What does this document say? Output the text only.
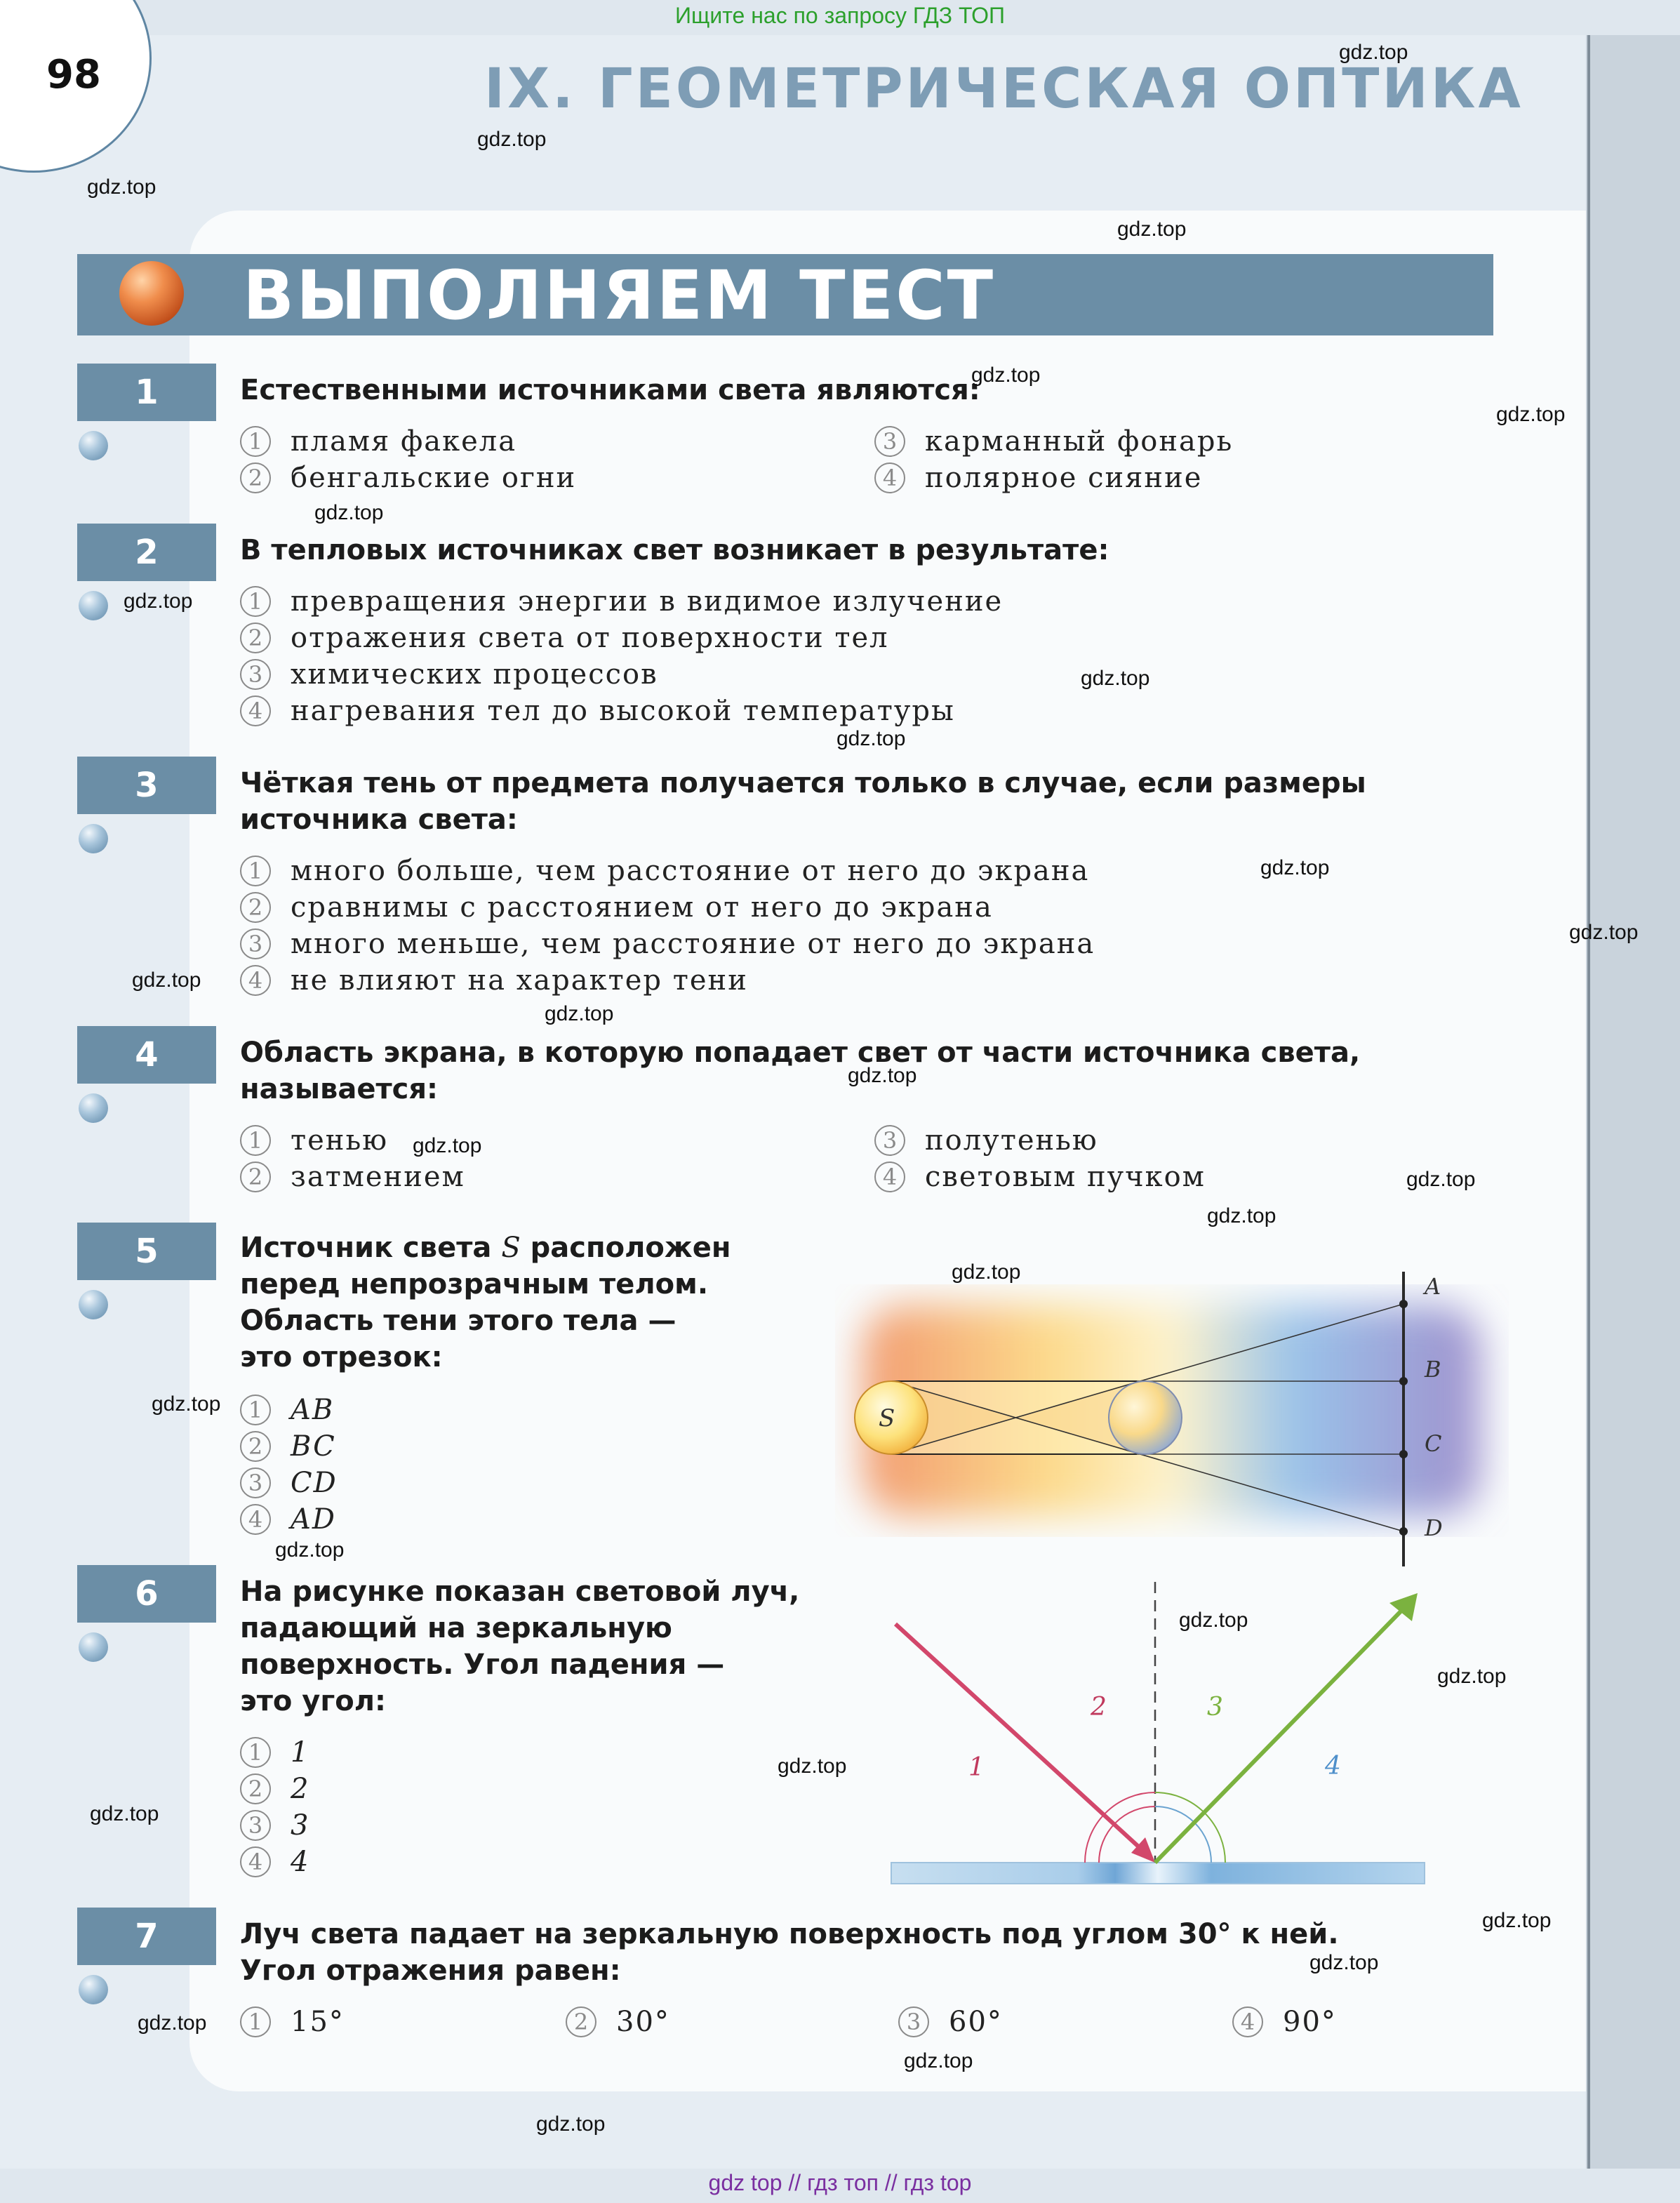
Ищите нас по запросу ГДЗ ТОП
98	IX. ГЕОМЕТРИЧЕСКАЯ ОПТИКА
ВЫПОЛНЯЕМ ТЕСТ
1	Естественными источниками света являются:
1 пламя факела
2 бенгальские огни
3 карманный фонарь
4 полярное сияние
2	В тепловых источниках свет возникает в результате:
1 превращения энергии в видимое излучение
2 отражения света от поверхности тел
3 химических процессов
4 нагревания тел до высокой температуры
3	Чёткая тень от предмета получается только в случае, если размеры
источника света:
1 много больше, чем расстояние от него до экрана
2 сравнимы с расстоянием от него до экрана
3 много меньше, чем расстояние от него до экрана
4 не влияют на характер тени
4	Область экрана, в которую попадает свет от части источника света,
называется:
1 тенью
2 затмением
3 полутенью
4 световым пучком
5	Источник света S расположен
перед непрозрачным телом.
Область тени этого тела —
это отрезок:
1 AB
2 BC
3 CD
4 AD
S
A
B
C
D
6	На рисунке показан световой луч,
падающий на зеркальную
поверхность. Угол падения —
это угол:
1 1
2 2
3 3
4 4
1
2	3
4
7	Луч света падает на зеркальную поверхность под углом 30° к ней.
Угол отражения равен:
1 15°	2 30°	3 60°	4 90°
gdz.top
gdz.top
gdz.top
gdz.top
gdz.top
gdz.top
gdz.top
gdz.top
gdz.top
gdz.top
gdz.top
gdz.top
gdz.top
gdz.top
gdz.top
gdz.top
gdz.top
gdz.top
gdz.top
gdz.top
gdz.top
gdz.top
gdz.top
gdz.top
gdz.top
gdz.top
gdz.top
gdz.top
gdz.top
gdz.top
gdz top // гдз топ // гдз top
